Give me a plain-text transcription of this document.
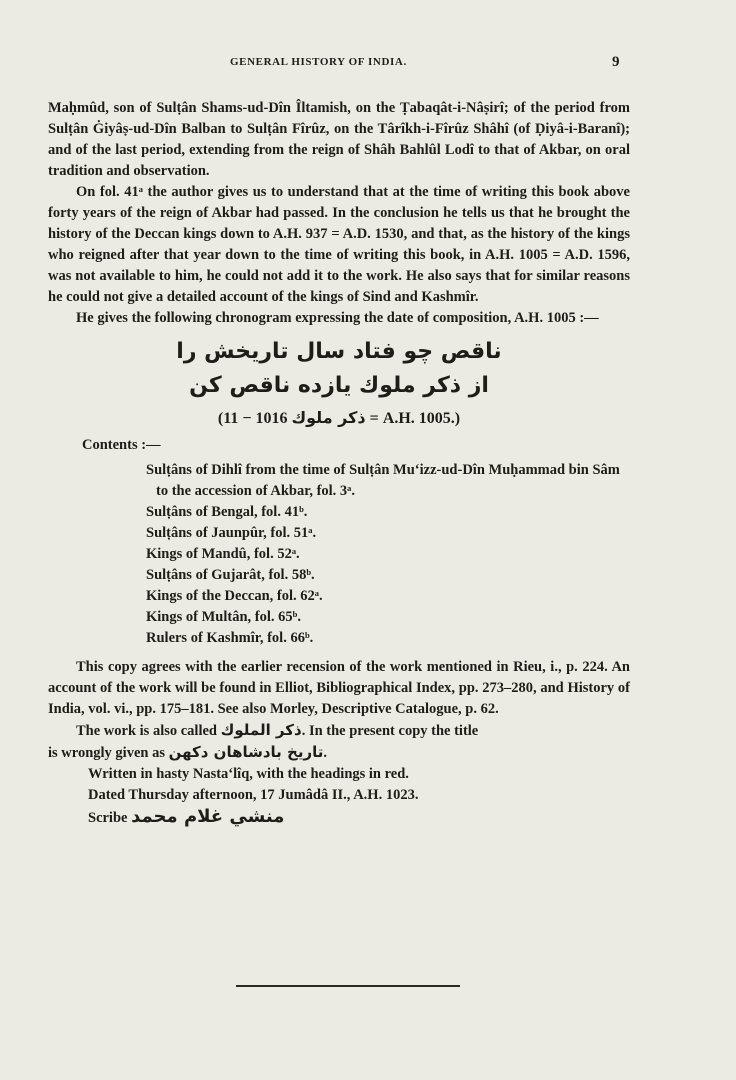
GENERAL HISTORY OF INDIA.	9

Maḥmûd, son of Sulṭân Shams-ud-Dîn Îltamish, on the Ṭabaqât-i-Nâṣirî; of the period from Sulṭân Ġiyâṣ-ud-Dîn Balban to Sulṭân Fîrûz, on the Târîkh-i-Fîrûz Shâhî (of Ḍiyâ-i-Baranî); and of the last period, extending from the reign of Shâh Bahlûl Lodî to that of Akbar, on oral tradition and observation.

On fol. 41ᵃ the author gives us to understand that at the time of writing this book above forty years of the reign of Akbar had passed. In the conclusion he tells us that he brought the history of the Deccan kings down to A.H. 937 = A.D. 1530, and that, as the history of the kings who reigned after that year down to the time of writing this book, in A.H. 1005 = A.D. 1596, was not available to him, he could not add it to the work. He also says that for similar reasons he could not give a detailed account of the kings of Sind and Kashmîr.

He gives the following chronogram expressing the date of composition, A.H. 1005 :—

ناقص چو فتاد سال تاریخش را
از ذکر ملوك یازده ناقص کن
(	ذکر ملوك 1016 − 11 = A.H. 1005.)
Contents :—
Sulṭâns of Dihlî from the time of Sulṭân Mu‘izz-ud-Dîn Muḥammad bin Sâm to the accession of Akbar, fol. 3ᵃ.
Sulṭâns of Bengal, fol. 41ᵇ.
Sulṭâns of Jaunpûr, fol. 51ᵃ.
Kings of Mandû, fol. 52ᵃ.
Sulṭâns of Gujarât, fol. 58ᵇ.
Kings of the Deccan, fol. 62ᵃ.
Kings of Multân, fol. 65ᵇ.
Rulers of Kashmîr, fol. 66ᵇ.

This copy agrees with the earlier recension of the work mentioned in Rieu, i., p. 224. An account of the work will be found in Elliot, Bibliographical Index, pp. 273–280, and History of India, vol. vi., pp. 175–181. See also Morley, Descriptive Catalogue, p. 62.

The work is also called ذکر الملوك. In the present copy the title

is wrongly given as تاریخ بادشاهان دکهن.

Written in hasty Nasta‘lîq, with the headings in red.
Dated Thursday afternoon, 17 Jumâdâ II., A.H. 1023.
Scribe منشي غلام محمد
